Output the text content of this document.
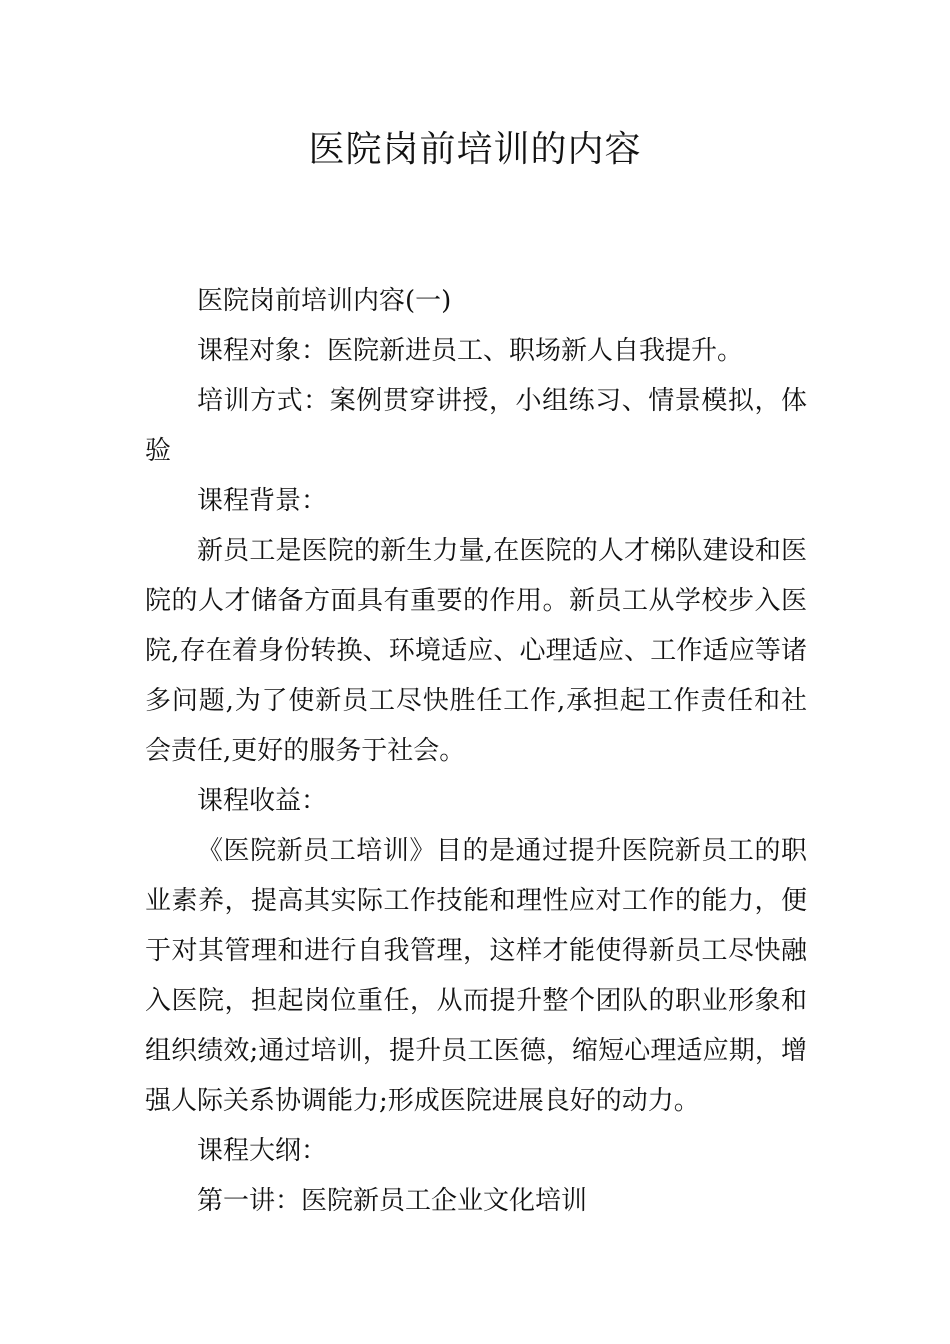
医院岗前培训的内容

医院岗前培训内容(一)

课程对象：医院新进员工、职场新人自我提升。

培训方式：案例贯穿讲授，小组练习、情景模拟，体验

课程背景：

新员工是医院的新生力量,在医院的人才梯队建设和医院的人才储备方面具有重要的作用。新员工从学校步入医院,存在着身份转换、环境适应、心理适应、工作适应等诸多问题,为了使新员工尽快胜任工作,承担起工作责任和社会责任,更好的服务于社会。

课程收益：

《医院新员工培训》目的是通过提升医院新员工的职业素养，提高其实际工作技能和理性应对工作的能力，便于对其管理和进行自我管理，这样才能使得新员工尽快融入医院，担起岗位重任，从而提升整个团队的职业形象和组织绩效;通过培训，提升员工医德，缩短心理适应期，增强人际关系协调能力;形成医院进展良好的动力。

课程大纲：

第一讲：医院新员工企业文化培训
